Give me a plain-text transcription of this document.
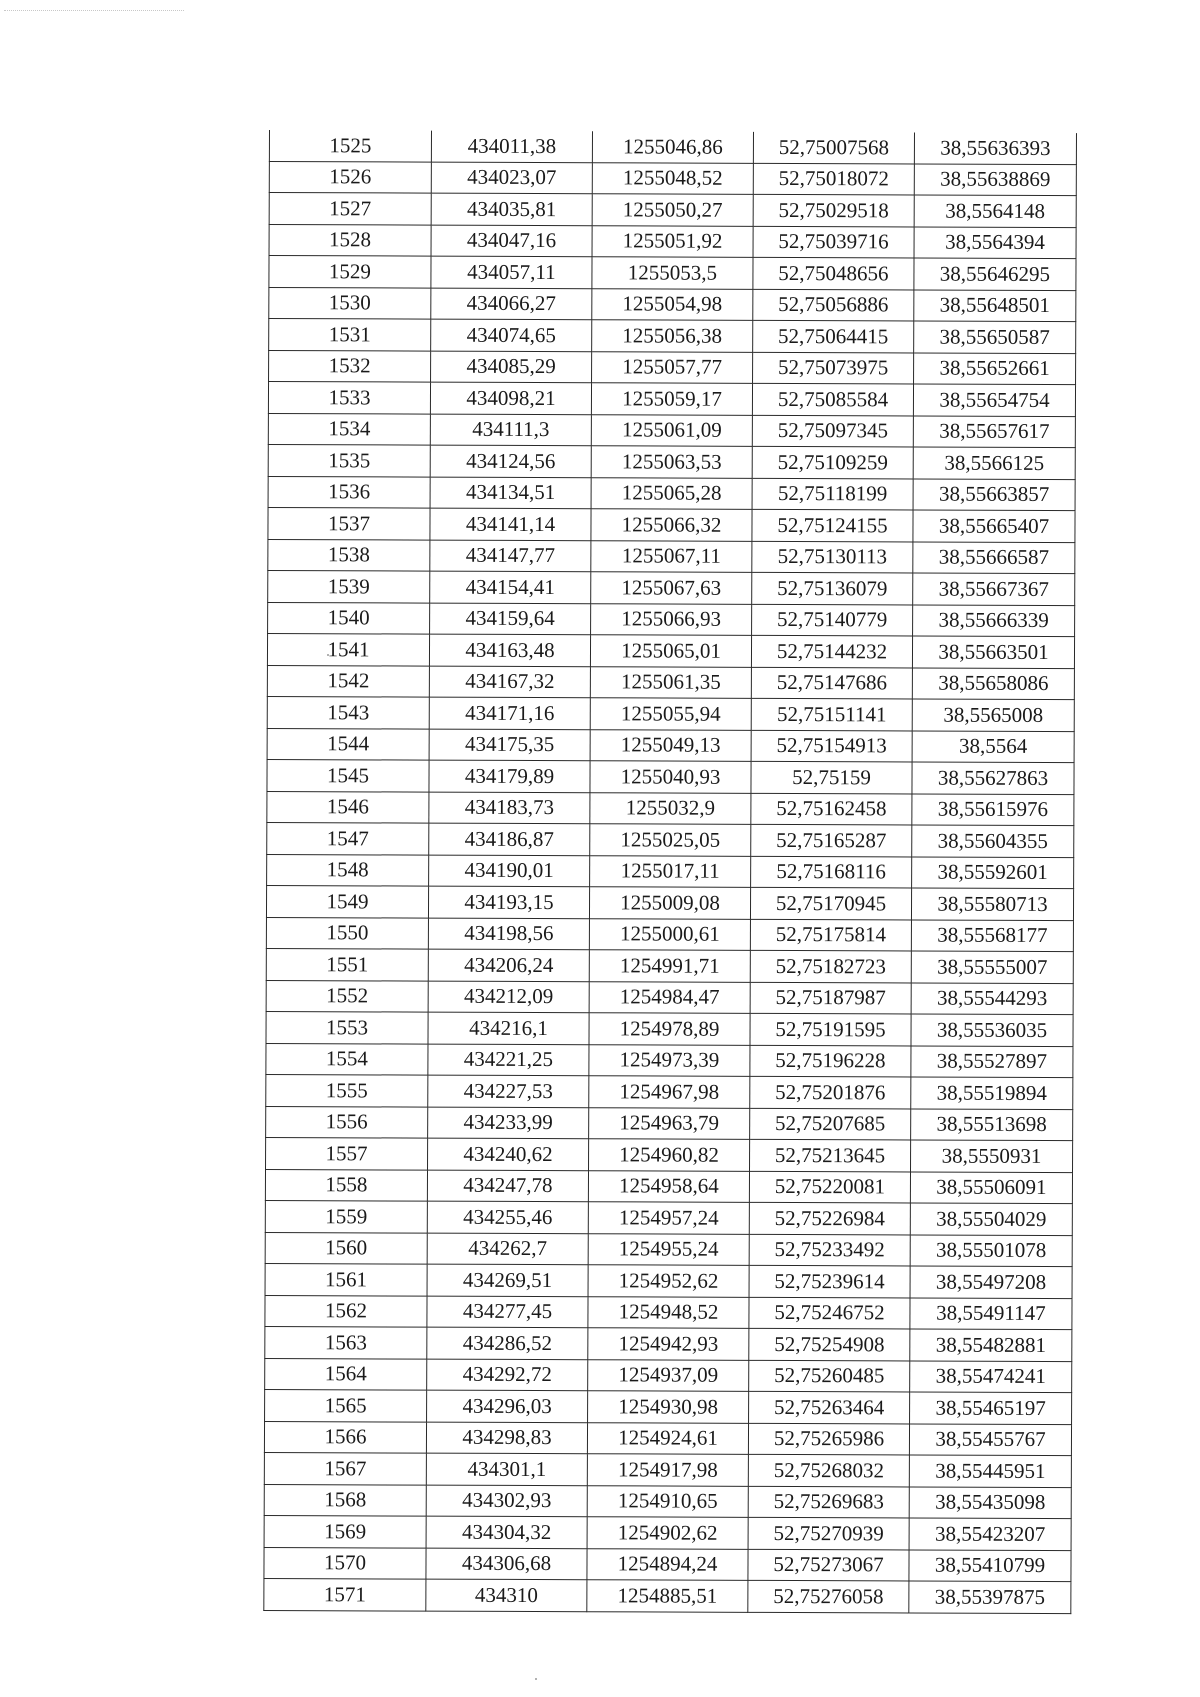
1525	434011,38	1255046,86	52,75007568	38,55636393
1526	434023,07	1255048,52	52,75018072	38,55638869
1527	434035,81	1255050,27	52,75029518	38,5564148
1528	434047,16	1255051,92	52,75039716	38,5564394
1529	434057,11	1255053,5	52,75048656	38,55646295
1530	434066,27	1255054,98	52,75056886	38,55648501
1531	434074,65	1255056,38	52,75064415	38,55650587
1532	434085,29	1255057,77	52,75073975	38,55652661
1533	434098,21	1255059,17	52,75085584	38,55654754
1534	434111,3	1255061,09	52,75097345	38,55657617
1535	434124,56	1255063,53	52,75109259	38,5566125
1536	434134,51	1255065,28	52,75118199	38,55663857
1537	434141,14	1255066,32	52,75124155	38,55665407
1538	434147,77	1255067,11	52,75130113	38,55666587
1539	434154,41	1255067,63	52,75136079	38,55667367
1540	434159,64	1255066,93	52,75140779	38,55666339
1541	434163,48	1255065,01	52,75144232	38,55663501
1542	434167,32	1255061,35	52,75147686	38,55658086
1543	434171,16	1255055,94	52,75151141	38,5565008
1544	434175,35	1255049,13	52,75154913	38,5564
1545	434179,89	1255040,93	52,75159	38,55627863
1546	434183,73	1255032,9	52,75162458	38,55615976
1547	434186,87	1255025,05	52,75165287	38,55604355
1548	434190,01	1255017,11	52,75168116	38,55592601
1549	434193,15	1255009,08	52,75170945	38,55580713
1550	434198,56	1255000,61	52,75175814	38,55568177
1551	434206,24	1254991,71	52,75182723	38,55555007
1552	434212,09	1254984,47	52,75187987	38,55544293
1553	434216,1	1254978,89	52,75191595	38,55536035
1554	434221,25	1254973,39	52,75196228	38,55527897
1555	434227,53	1254967,98	52,75201876	38,55519894
1556	434233,99	1254963,79	52,75207685	38,55513698
1557	434240,62	1254960,82	52,75213645	38,5550931
1558	434247,78	1254958,64	52,75220081	38,55506091
1559	434255,46	1254957,24	52,75226984	38,55504029
1560	434262,7	1254955,24	52,75233492	38,55501078
1561	434269,51	1254952,62	52,75239614	38,55497208
1562	434277,45	1254948,52	52,75246752	38,55491147
1563	434286,52	1254942,93	52,75254908	38,55482881
1564	434292,72	1254937,09	52,75260485	38,55474241
1565	434296,03	1254930,98	52,75263464	38,55465197
1566	434298,83	1254924,61	52,75265986	38,55455767
1567	434301,1	1254917,98	52,75268032	38,55445951
1568	434302,93	1254910,65	52,75269683	38,55435098
1569	434304,32	1254902,62	52,75270939	38,55423207
1570	434306,68	1254894,24	52,75273067	38,55410799
1571	434310	1254885,51	52,75276058	38,55397875
